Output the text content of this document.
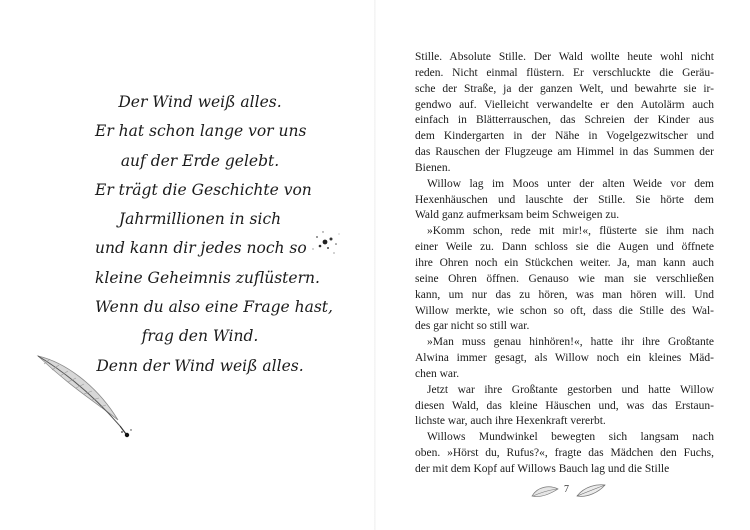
Der Wind weiß alles.
Er hat schon lange vor uns
auf der Erde gelebt.
Er trägt die Geschichte von
Jahrmillionen in sich
und kann dir jedes noch so
kleine Geheimnis zuflüstern.
Wenn du also eine Frage hast,
frag den Wind.
Denn der Wind weiß alles.

Stille. Absolute Stille. Der Wald wollte heute wohl nicht

reden. Nicht einmal flüstern. Er verschluckte die Geräu-

sche der Straße, ja der ganzen Welt, und bewahrte sie ir-

gendwo auf. Vielleicht verwandelte er den Autolärm auch

einfach in Blätterrauschen, das Schreien der Kinder aus

dem Kindergarten in der Nähe in Vogelgezwitscher und

das Rauschen der Flugzeuge am Himmel in das Summen der

Bienen.

Willow lag im Moos unter der alten Weide vor dem

Hexenhäuschen und lauschte der Stille. Sie hörte dem

Wald ganz aufmerksam beim Schweigen zu.

»Komm schon, rede mit mir!«, flüsterte sie ihm nach

einer Weile zu. Dann schloss sie die Augen und öffnete

ihre Ohren noch ein Stückchen weiter. Ja, man kann auch

seine Ohren öffnen. Genauso wie man sie verschließen

kann, um nur das zu hören, was man hören will. Und

Willow merkte, wie schon so oft, dass die Stille des Wal-

des gar nicht so still war.

»Man muss genau hinhören!«, hatte ihr ihre Großtante

Alwina immer gesagt, als Willow noch ein kleines Mäd-

chen war.

Jetzt war ihre Großtante gestorben und hatte Willow

diesen Wald, das kleine Häuschen und, was das Erstaun-

lichste war, auch ihre Hexenkraft vererbt.

Willows Mundwinkel bewegten sich langsam nach

oben. »Hörst du, Rufus?«, fragte das Mädchen den Fuchs,

der mit dem Kopf auf Willows Bauch lag und die Stille

7
